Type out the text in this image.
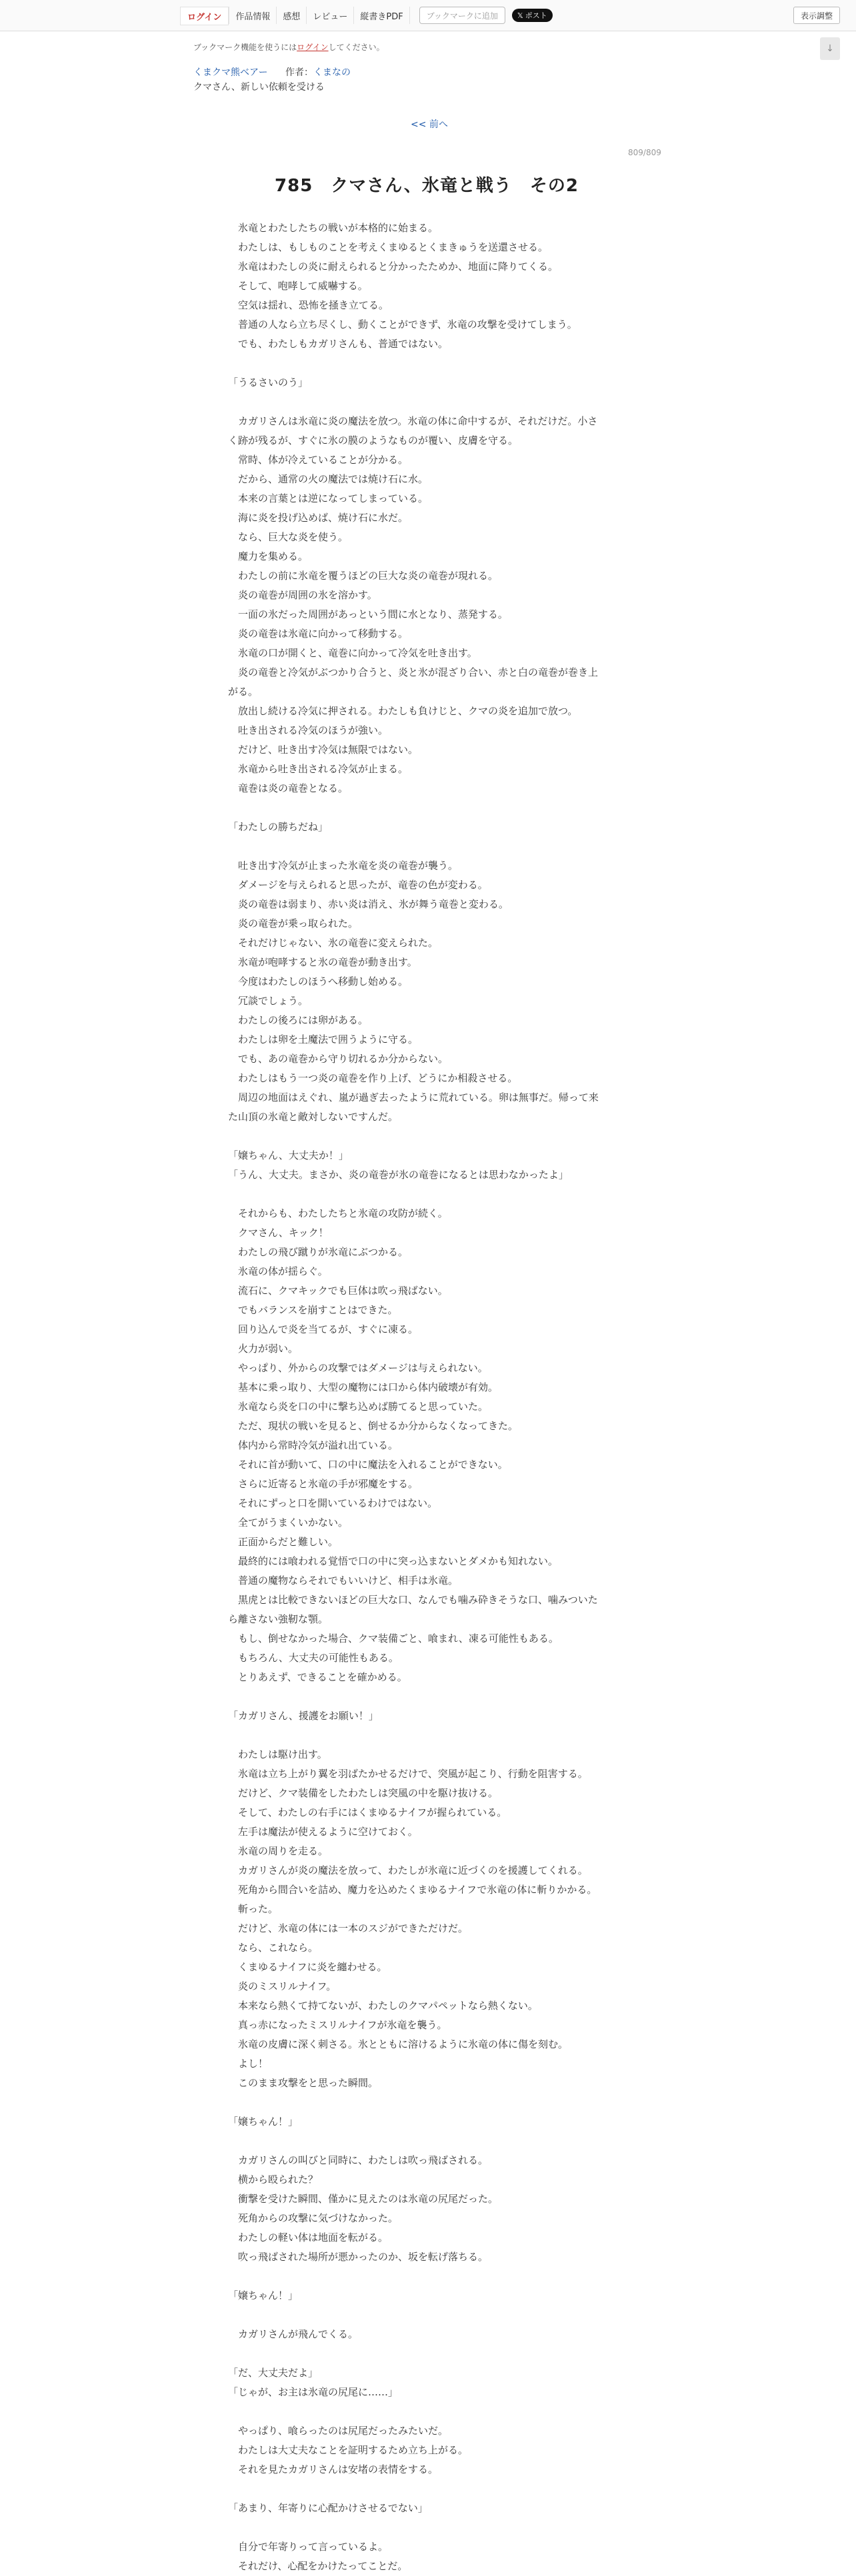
ログイン	作品情報	感想	レビュー	縦書きPDF	ブックマークに追加	𝕏 ポスト	表示調整
↓
ブックマーク機能を使うにはログインしてください。
くまクマ熊ベアー 作者：くまなの
クマさん、新しい依頼を受ける
<< 前へ
809/809
785　クマさん、氷竜と戦う　その2
　氷竜とわたしたちの戦いが本格的に始まる。
　わたしは、もしものことを考えくまゆるとくまきゅうを送還させる。
　氷竜はわたしの炎に耐えられると分かったためか、地面に降りてくる。
　そして、咆哮して威嚇する。
　空気は揺れ、恐怖を掻き立てる。
　普通の人なら立ち尽くし、動くことができず、氷竜の攻撃を受けてしまう。
　でも、わたしもカガリさんも、普通ではない。
「うるさいのう」
　カガリさんは氷竜に炎の魔法を放つ。氷竜の体に命中するが、それだけだ。小さ
く跡が残るが、すぐに氷の膜のようなものが覆い、皮膚を守る。
　常時、体が冷えていることが分かる。
　だから、通常の火の魔法では焼け石に水。
　本来の言葉とは逆になってしまっている。
　海に炎を投げ込めば、焼け石に水だ。
　なら、巨大な炎を使う。
　魔力を集める。
　わたしの前に氷竜を覆うほどの巨大な炎の竜巻が現れる。
　炎の竜巻が周囲の氷を溶かす。
　一面の氷だった周囲があっという間に水となり、蒸発する。
　炎の竜巻は氷竜に向かって移動する。
　氷竜の口が開くと、竜巻に向かって冷気を吐き出す。
　炎の竜巻と冷気がぶつかり合うと、炎と氷が混ざり合い、赤と白の竜巻が巻き上
がる。
　放出し続ける冷気に押される。わたしも負けじと、クマの炎を追加で放つ。
　吐き出される冷気のほうが強い。
　だけど、吐き出す冷気は無限ではない。
　氷竜から吐き出される冷気が止まる。
　竜巻は炎の竜巻となる。
「わたしの勝ちだね」
　吐き出す冷気が止まった氷竜を炎の竜巻が襲う。
　ダメージを与えられると思ったが、竜巻の色が変わる。
　炎の竜巻は弱まり、赤い炎は消え、氷が舞う竜巻と変わる。
　炎の竜巻が乗っ取られた。
　それだけじゃない、氷の竜巻に変えられた。
　氷竜が咆哮すると氷の竜巻が動き出す。
　今度はわたしのほうへ移動し始める。
　冗談でしょう。
　わたしの後ろには卵がある。
　わたしは卵を土魔法で囲うように守る。
　でも、あの竜巻から守り切れるか分からない。
　わたしはもう一つ炎の竜巻を作り上げ、どうにか相殺させる。
　周辺の地面はえぐれ、嵐が過ぎ去ったように荒れている。卵は無事だ。帰って来
た山頂の氷竜と敵対しないですんだ。
「嬢ちゃん、大丈夫か！」
「うん、大丈夫。まさか、炎の竜巻が氷の竜巻になるとは思わなかったよ」
　それからも、わたしたちと氷竜の攻防が続く。
　クマさん、キック！
　わたしの飛び蹴りが氷竜にぶつかる。
　氷竜の体が揺らぐ。
　流石に、クマキックでも巨体は吹っ飛ばない。
　でもバランスを崩すことはできた。
　回り込んで炎を当てるが、すぐに凍る。
　火力が弱い。
　やっぱり、外からの攻撃ではダメージは与えられない。
　基本に乗っ取り、大型の魔物には口から体内破壊が有効。
　氷竜なら炎を口の中に撃ち込めば勝てると思っていた。
　ただ、現状の戦いを見ると、倒せるか分からなくなってきた。
　体内から常時冷気が溢れ出ている。
　それに首が動いて、口の中に魔法を入れることができない。
　さらに近寄ると氷竜の手が邪魔をする。
　それにずっと口を開いているわけではない。
　全てがうまくいかない。
　正面からだと難しい。
　最終的には喰われる覚悟で口の中に突っ込まないとダメかも知れない。
　普通の魔物ならそれでもいいけど、相手は氷竜。
　黒虎とは比較できないほどの巨大な口、なんでも噛み砕きそうな口、噛みついた
ら離さない強靭な顎。
　もし、倒せなかった場合、クマ装備ごと、喰まれ、凍る可能性もある。
　もちろん、大丈夫の可能性もある。
　とりあえず、できることを確かめる。
「カガリさん、援護をお願い！」
　わたしは駆け出す。
　氷竜は立ち上がり翼を羽ばたかせるだけで、突風が起こり、行動を阻害する。
　だけど、クマ装備をしたわたしは突風の中を駆け抜ける。
　そして、わたしの右手にはくまゆるナイフが握られている。
　左手は魔法が使えるように空けておく。
　氷竜の周りを走る。
　カガリさんが炎の魔法を放って、わたしが氷竜に近づくのを援護してくれる。
　死角から間合いを詰め、魔力を込めたくまゆるナイフで氷竜の体に斬りかかる。
　斬った。
　だけど、氷竜の体には一本のスジができただけだ。
　なら、これなら。
　くまゆるナイフに炎を纏わせる。
　炎のミスリルナイフ。
　本来なら熱くて持てないが、わたしのクマパペットなら熱くない。
　真っ赤になったミスリルナイフが氷竜を襲う。
　氷竜の皮膚に深く刺さる。氷とともに溶けるように氷竜の体に傷を刻む。
　よし！
　このまま攻撃をと思った瞬間。
「嬢ちゃん！」
　カガリさんの叫びと同時に、わたしは吹っ飛ばされる。
　横から殴られた？
　衝撃を受けた瞬間、僅かに見えたのは氷竜の尻尾だった。
　死角からの攻撃に気づけなかった。
　わたしの軽い体は地面を転がる。
　吹っ飛ばされた場所が悪かったのか、坂を転げ落ちる。
「嬢ちゃん！」
　カガリさんが飛んでくる。
「だ、大丈夫だよ」
「じゃが、お主は氷竜の尻尾に……」
　やっぱり、喰らったのは尻尾だったみたいだ。
　わたしは大丈夫なことを証明するため立ち上がる。
　それを見たカガリさんは安堵の表情をする。
「あまり、年寄りに心配かけさせるでない」
　自分で年寄りって言っているよ。
　それだけ、心配をかけたってことだ。
